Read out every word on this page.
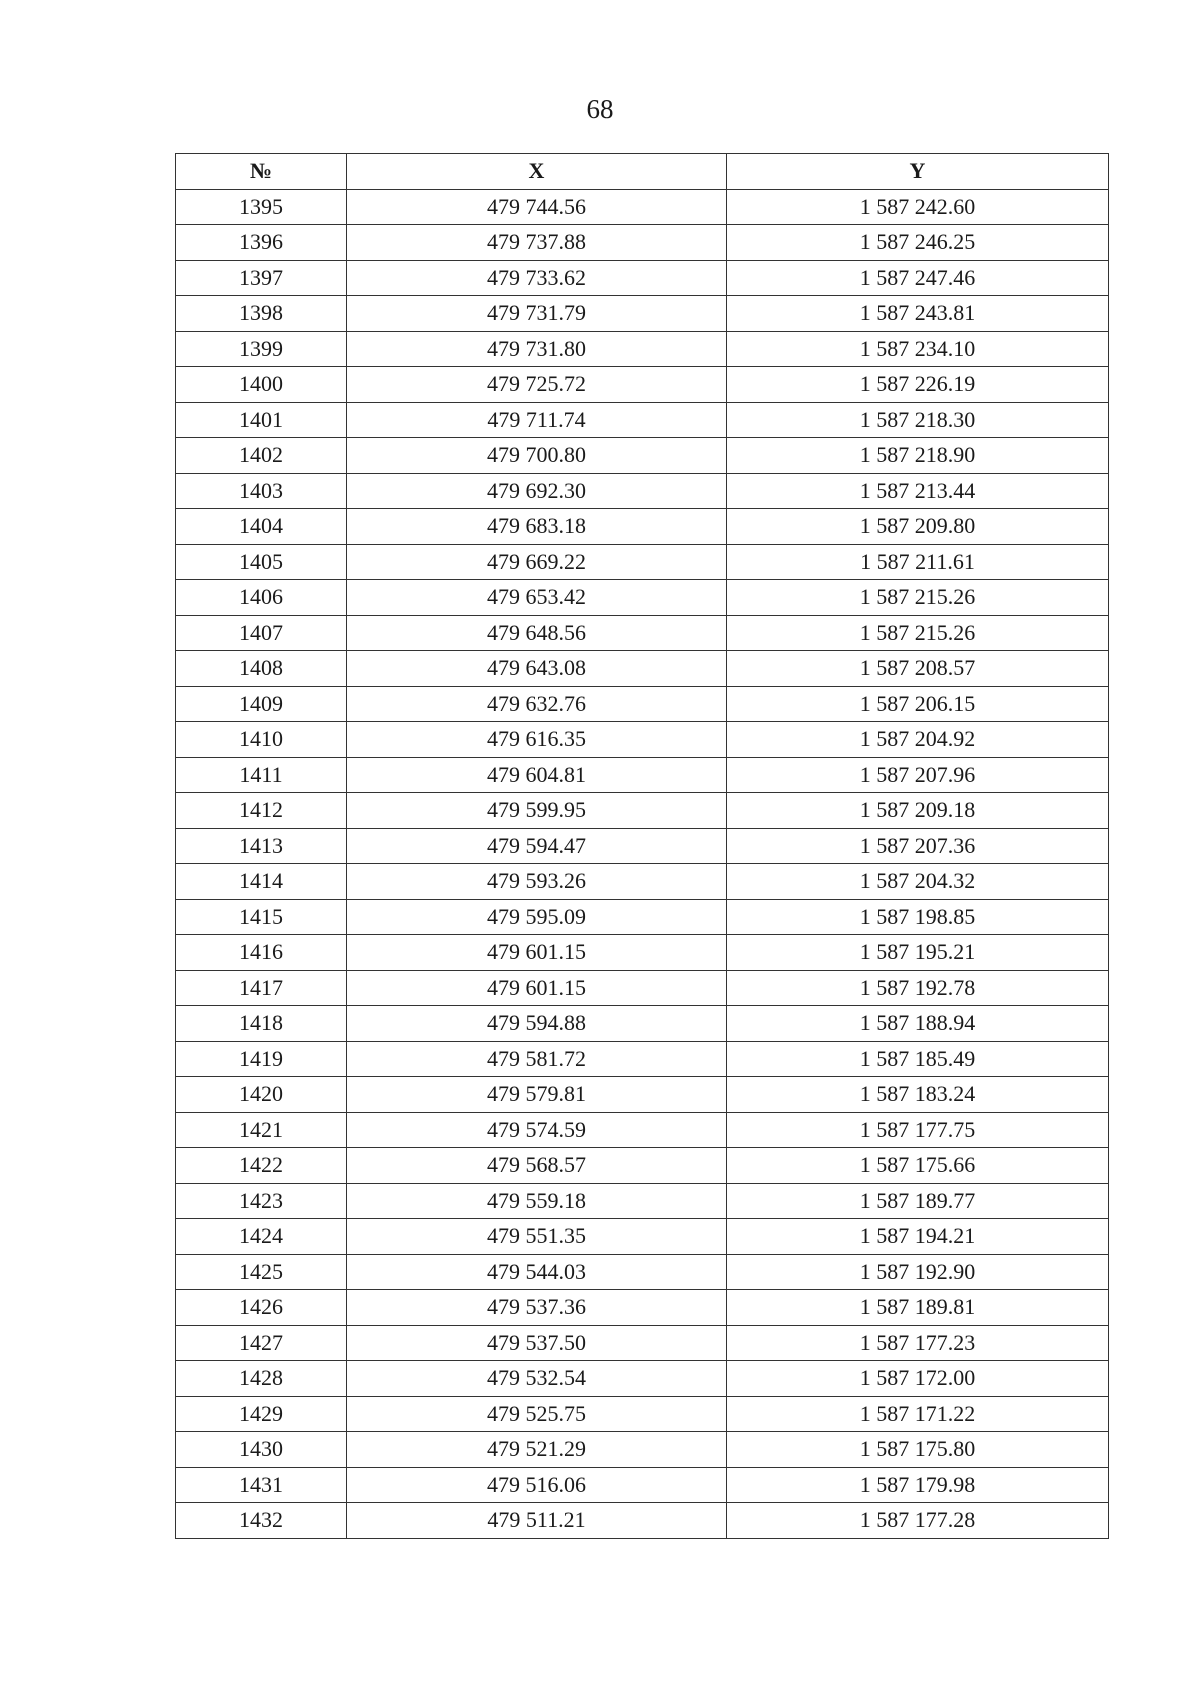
68
№	X	Y
1395	479 744.56	1 587 242.60
1396	479 737.88	1 587 246.25
1397	479 733.62	1 587 247.46
1398	479 731.79	1 587 243.81
1399	479 731.80	1 587 234.10
1400	479 725.72	1 587 226.19
1401	479 711.74	1 587 218.30
1402	479 700.80	1 587 218.90
1403	479 692.30	1 587 213.44
1404	479 683.18	1 587 209.80
1405	479 669.22	1 587 211.61
1406	479 653.42	1 587 215.26
1407	479 648.56	1 587 215.26
1408	479 643.08	1 587 208.57
1409	479 632.76	1 587 206.15
1410	479 616.35	1 587 204.92
1411	479 604.81	1 587 207.96
1412	479 599.95	1 587 209.18
1413	479 594.47	1 587 207.36
1414	479 593.26	1 587 204.32
1415	479 595.09	1 587 198.85
1416	479 601.15	1 587 195.21
1417	479 601.15	1 587 192.78
1418	479 594.88	1 587 188.94
1419	479 581.72	1 587 185.49
1420	479 579.81	1 587 183.24
1421	479 574.59	1 587 177.75
1422	479 568.57	1 587 175.66
1423	479 559.18	1 587 189.77
1424	479 551.35	1 587 194.21
1425	479 544.03	1 587 192.90
1426	479 537.36	1 587 189.81
1427	479 537.50	1 587 177.23
1428	479 532.54	1 587 172.00
1429	479 525.75	1 587 171.22
1430	479 521.29	1 587 175.80
1431	479 516.06	1 587 179.98
1432	479 511.21	1 587 177.28
